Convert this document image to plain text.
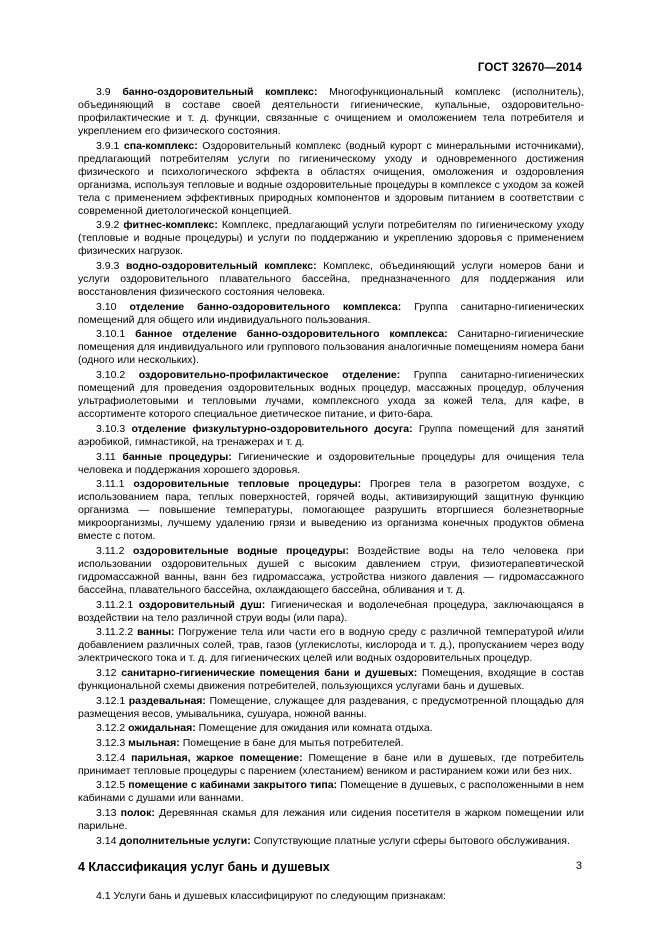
ГОСТ 32670—2014

3.9 банно-оздоровительный комплекс: Многофункциональный комплекс (исполнитель), объединяющий в составе своей деятельности гигиенические, купальные, оздоровительно-профилактические и т. д. функции, связанные с очищением и омоложением тела потребителя и укреплением его физического состояния.

3.9.1 спа-комплекс: Оздоровительный комплекс (водный курорт с минеральными источниками), предлагающий потребителям услуги по гигиеническому уходу и одновременного достижения физического и психологического эффекта в областях очищения, омоложения и оздоровления организма, используя тепловые и водные оздоровительные процедуры в комплексе с уходом за кожей тела с применением эффективных природных компонентов и здоровым питанием в соответствии с современной диетологической концепцией.

3.9.2 фитнес-комплекс: Комплекс, предлагающий услуги потребителям по гигиеническому уходу (тепловые и водные процедуры) и услуги по поддержанию и укреплению здоровья с применением физических нагрузок.

3.9.3 водно-оздоровительный комплекс: Комплекс, объединяющий услуги номеров бани и услуги оздоровительного плавательного бассейна, предназначенного для поддержания или восстановления физического состояния человека.

3.10 отделение банно-оздоровительного комплекса: Группа санитарно-гигиенических помещений для общего или индивидуального пользования.

3.10.1 банное отделение банно-оздоровительного комплекса: Санитарно-гигиенические помещения для индивидуального или группового пользования аналогичные помещениям номера бани (одного или нескольких).

3.10.2 оздоровительно-профилактическое отделение: Группа санитарно-гигиенических помещений для проведения оздоровительных водных процедур, массажных процедур, облучения ультрафиолетовыми и тепловыми лучами, комплексного ухода за кожей тела, для кафе, в ассортименте которого специальное диетическое питание, и фито-бара.

3.10.3 отделение физкультурно-оздоровительного досуга: Группа помещений для занятий аэробикой, гимнастикой, на тренажерах и т. д.

3.11 банные процедуры: Гигиенические и оздоровительные процедуры для очищения тела человека и поддержания хорошего здоровья.

3.11.1 оздоровительные тепловые процедуры: Прогрев тела в разогретом воздухе, с использованием пара, теплых поверхностей, горячей воды, активизирующий защитную функцию организма — повышение температуры, помогающее разрушить вторгшиеся болезнетворные микроорганизмы, лучшему удалению грязи и выведению из организма конечных продуктов обмена вместе с потом.

3.11.2 оздоровительные водные процедуры: Воздействие воды на тело человека при использовании оздоровительных душей с высоким давлением струи, физиотерапевтической гидромассажной ванны, ванн без гидромассажа, устройства низкого давления — гидромассажного бассейна, плавательного бассейна, охлаждающего бассейна, обливания и т. д.

3.11.2.1 оздоровительный душ: Гигиеническая и водолечебная процедура, заключающаяся в воздействии на тело различной струи воды (или пара).

3.11.2.2 ванны: Погружение тела или части его в водную среду с различной температурой и/или добавлением различных солей, трав, газов (углекислоты, кислорода и т. д.), пропусканием через воду электрического тока и т. д. для гигиенических целей или водных оздоровительных процедур.

3.12 санитарно-гигиенические помещения бани и душевых: Помещения, входящие в состав функциональной схемы движения потребителей, пользующихся услугами бань и душевых.

3.12.1 раздевальная: Помещение, служащее для раздевания, с предусмотренной площадью для размещения весов, умывальника, сушуара, ножной ванны.

3.12.2 ожидальная: Помещение для ожидания или комната отдыха.

3.12.3 мыльная: Помещение в бане для мытья потребителей.

3.12.4 парильная, жаркое помещение: Помещение в бане или в душевых, где потребитель принимает тепловые процедуры с парением (хлестанием) веником и растиранием кожи или без них.

3.12.5 помещение с кабинами закрытого типа: Помещение в душевых, с расположенными в нем кабинами с душами или ваннами.

3.13 полок: Деревянная скамья для лежания или сидения посетителя в жарком помещении или парильне.

3.14 дополнительные услуги: Сопутствующие платные услуги сферы бытового обслуживания.

4 Классификация услуг бань и душевых

4.1 Услуги бань и душевых классифицируют по следующим признакам:

3
